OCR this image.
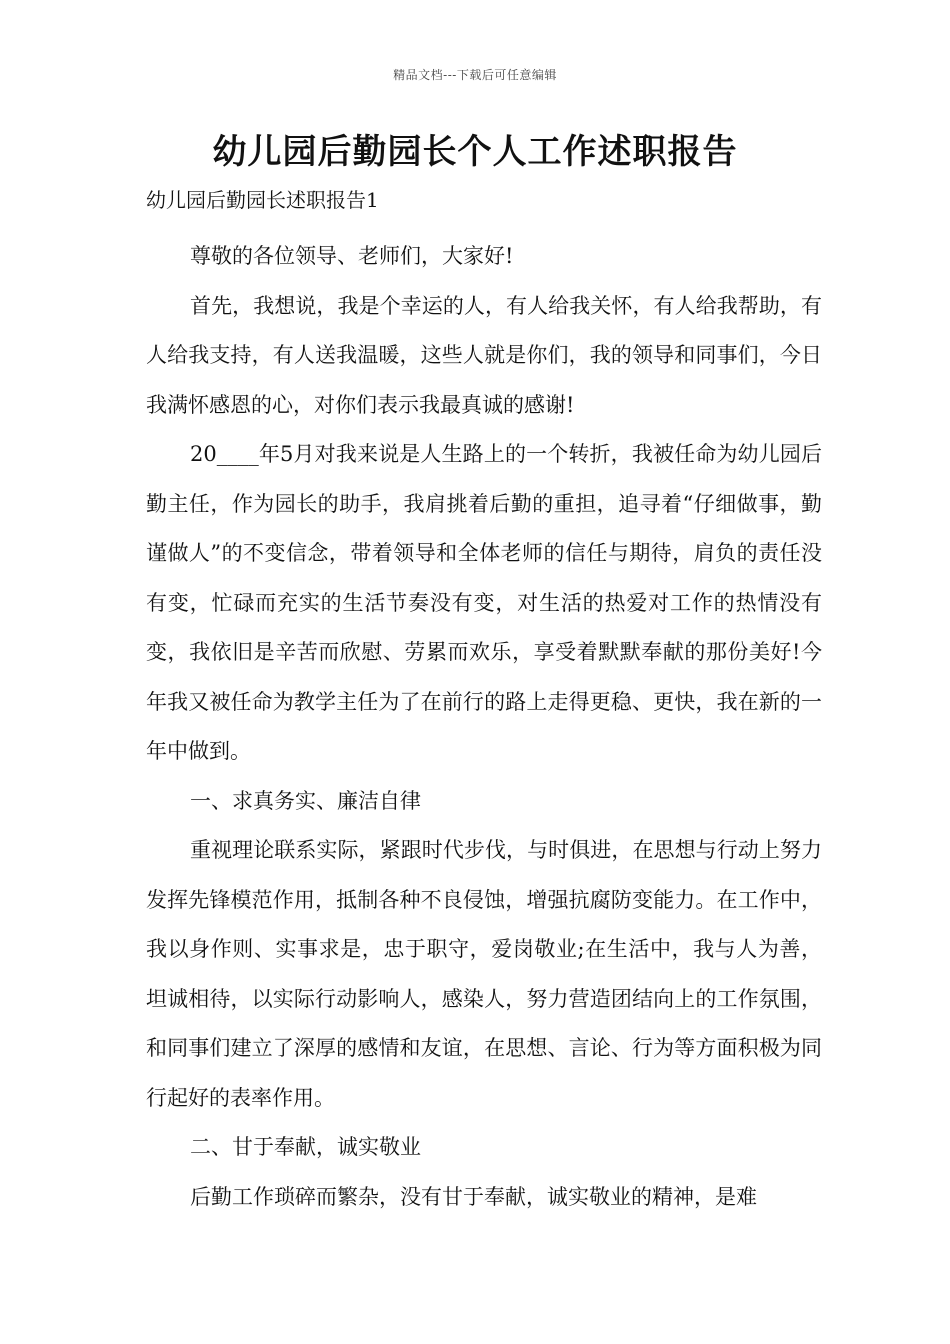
精品文档---下载后可任意编辑
幼儿园后勤园长个人工作述职报告
幼儿园后勤园长述职报告1

尊敬的各位领导、老师们，大家好!

首先，我想说，我是个幸运的人，有人给我关怀，有人给我帮助，有人给我支持，有人送我温暖，这些人就是你们，我的领导和同事们，今日我满怀感恩的心，对你们表示我最真诚的感谢!

20____年5月对我来说是人生路上的一个转折，我被任命为幼儿园后勤主任，作为园长的助手，我肩挑着后勤的重担，追寻着“仔细做事，勤谨做人”的不变信念，带着领导和全体老师的信任与期待，肩负的责任没有变，忙碌而充实的生活节奏没有变，对生活的热爱对工作的热情没有变，我依旧是辛苦而欣慰、劳累而欢乐，享受着默默奉献的那份美好!今年我又被任命为教学主任为了在前行的路上走得更稳、更快，我在新的一年中做到。

一、求真务实、廉洁自律

重视理论联系实际，紧跟时代步伐，与时俱进，在思想与行动上努力发挥先锋模范作用，抵制各种不良侵蚀，增强抗腐防变能力。在工作中，我以身作则、实事求是，忠于职守，爱岗敬业;在生活中，我与人为善，坦诚相待，以实际行动影响人，感染人，努力营造团结向上的工作氛围，和同事们建立了深厚的感情和友谊，在思想、言论、行为等方面积极为同行起好的表率作用。

二、甘于奉献，诚实敬业

后勤工作琐碎而繁杂，没有甘于奉献，诚实敬业的精神，是难
